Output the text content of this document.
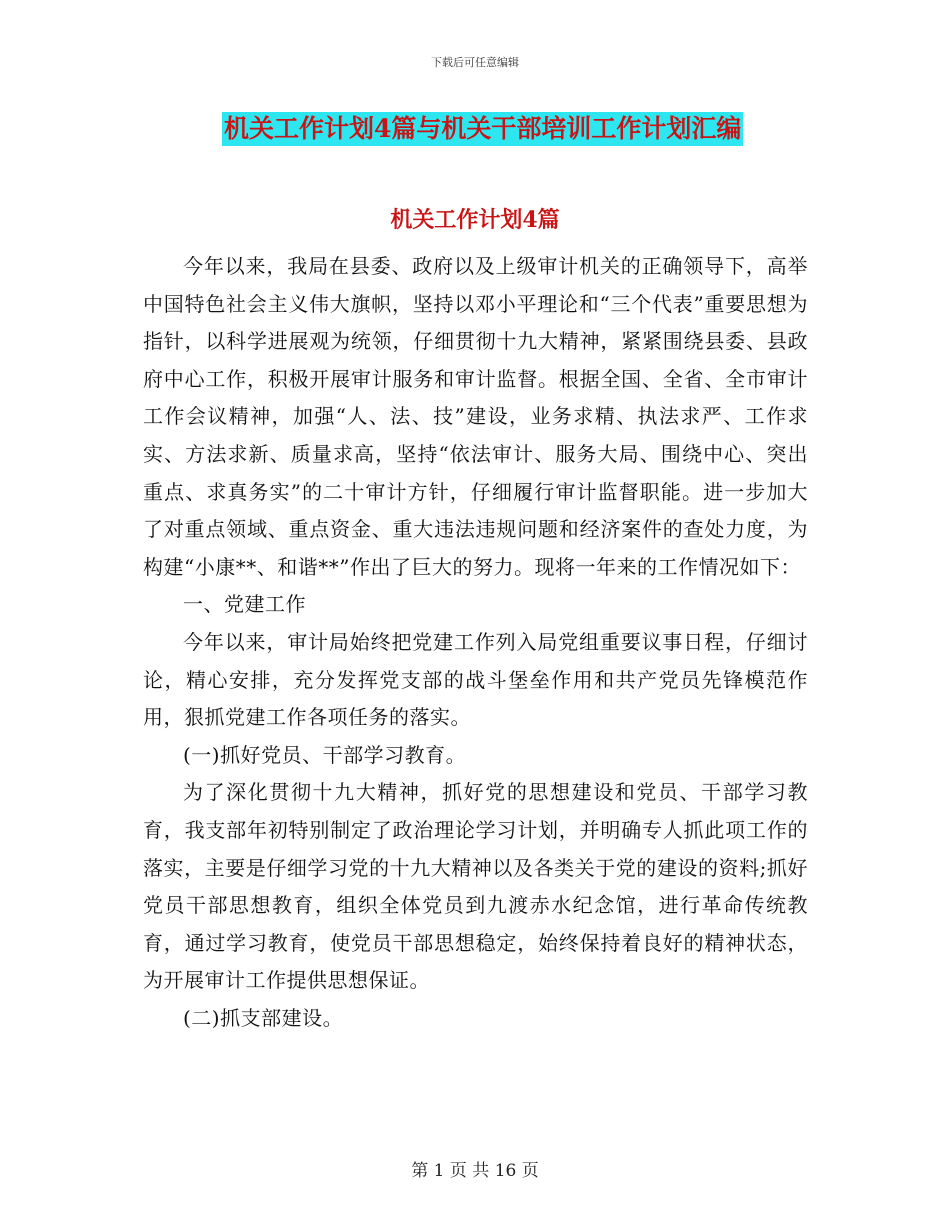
下载后可任意编辑
机关工作计划4篇与机关干部培训工作计划汇编
机关工作计划4篇

今年以来，我局在县委、政府以及上级审计机关的正确领导下，高举中国特色社会主义伟大旗帜，坚持以邓小平理论和“三个代表”重要思想为指针，以科学进展观为统领，仔细贯彻十九大精神，紧紧围绕县委、县政府中心工作，积极开展审计服务和审计监督。根据全国、全省、全市审计工作会议精神，加强“人、法、技”建设，业务求精、执法求严、工作求实、方法求新、质量求高，坚持“依法审计、服务大局、围绕中心、突出重点、求真务实”的二十审计方针，仔细履行审计监督职能。进一步加大了对重点领域、重点资金、重大违法违规问题和经济案件的查处力度，为构建“小康**、和谐**”作出了巨大的努力。现将一年来的工作情况如下：

一、党建工作

今年以来，审计局始终把党建工作列入局党组重要议事日程，仔细讨论，精心安排，充分发挥党支部的战斗堡垒作用和共产党员先锋模范作用，狠抓党建工作各项任务的落实。

(一)抓好党员、干部学习教育。

为了深化贯彻十九大精神，抓好党的思想建设和党员、干部学习教育，我支部年初特别制定了政治理论学习计划，并明确专人抓此项工作的落实，主要是仔细学习党的十九大精神以及各类关于党的建设的资料;抓好党员干部思想教育，组织全体党员到九渡赤水纪念馆，进行革命传统教育，通过学习教育，使党员干部思想稳定，始终保持着良好的精神状态，为开展审计工作提供思想保证。

(二)抓支部建设。

第 1 页 共 16 页
